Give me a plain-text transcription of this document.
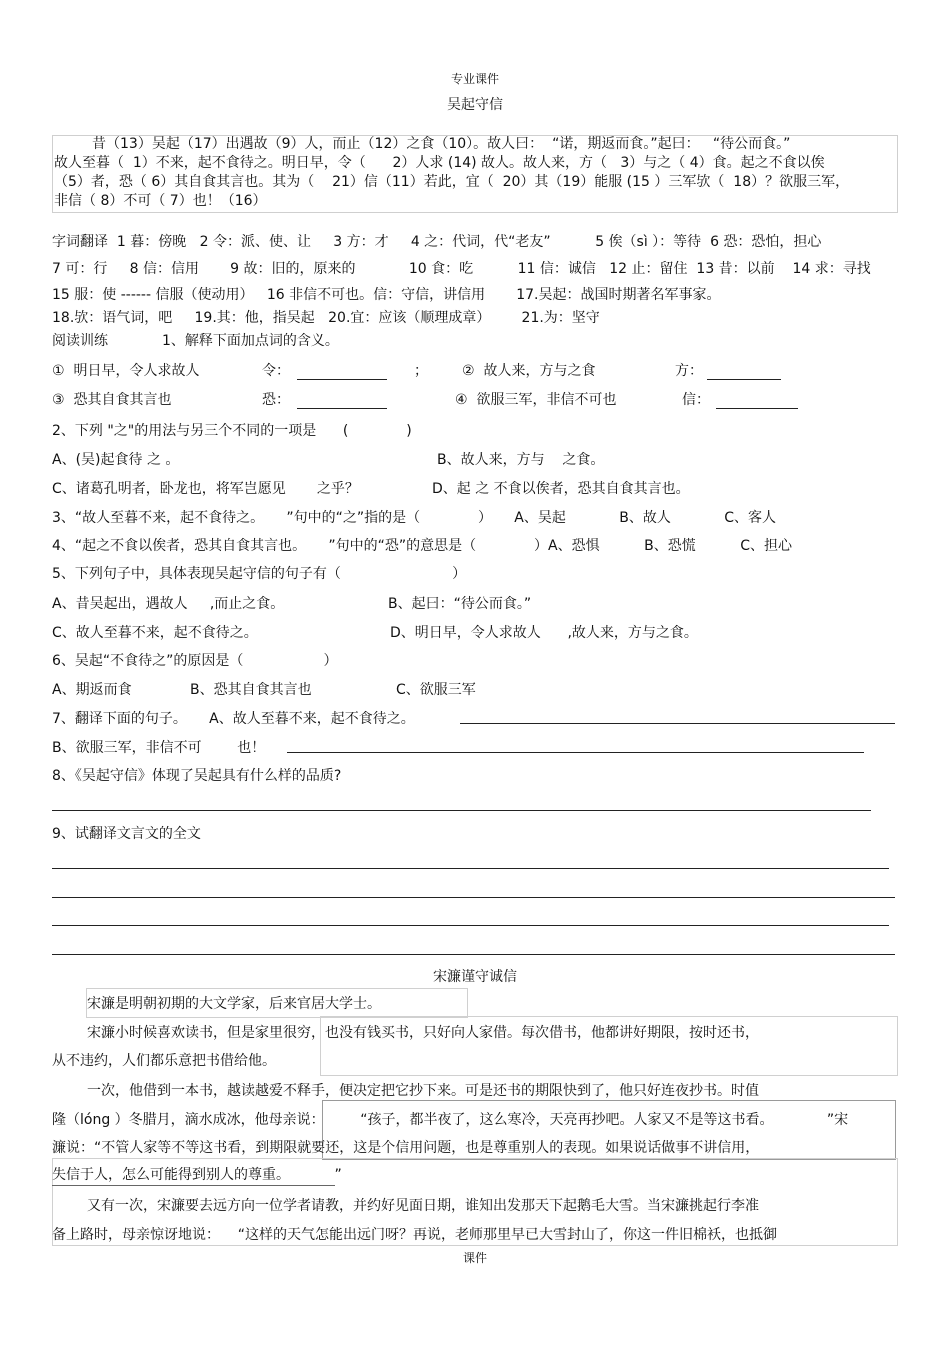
专业课件
吴起守信
昔（13）吴起（17）出遇故（9）人，而止（12）之食（10）。故人曰：  “诺，期返而食。”起曰：   “待公而食。”
故人至暮（  1）不来，起不食待之。明日早，令（      2）人求 (14) 故人。故人来，方（   3）与之（ 4）食。起之不食以俟
（5）者，恐（ 6）其自食其言也。其为（    21）信（11）若此，宜（  20）其（19）能服 (15 ）三军欤（  18）？欲服三军，
非信（ 8）不可（ 7）也！（16）
字词翻译  1 暮：傍晚   2 令：派、使、让     3 方：才     4 之：代词，代“老友”          5 俟（sì ）：等待  6 恐：恐怕，担心
7 可：行     8 信：信用       9 故：旧的，原来的            10 食：吃          11 信：诚信   12 止：留住  13 昔：以前    14 求：寻找
15 服：使 ------ 信服（使动用）   16 非信不可也。信：守信，讲信用       17.吴起：战国时期著名军事家。
18.欤：语气词，吧     19.其：他，指吴起   20.宜：应该（顺理成章）       21.为：坚守
阅读训练	1、解释下面加点词的含义。
①  明日早，令人求故人	令：	； ②  故人来，方与之食	方：
③  恐其自食其言也	恐：	④  欲服三军，非信不可也	信：
2、下列 "之"的用法与另三个不同的一项是      (             )
A、(吴)起食待 之 。	B、故人来，方与    之食。
C、诸葛孔明者，卧龙也，将军岂愿见       之乎？	D、起 之 不食以俟者，恐其自食其言也。
3、“故人至暮不来，起不食待之。     ”句中的“之”指的是（             ）     A、吴起            B、故人            C、客人
4、“起之不食以俟者，恐其自食其言也。     ”句中的“恐”的意思是（             ）A、恐惧          B、恐慌          C、担心
5、下列句子中，具体表现吴起守信的句子有（                         ）
A、昔吴起出，遇故人     ,而止之食。	B、起曰：“待公而食。”
C、故人至暮不来，起不食待之。	D、明日早，令人求故人      ,故人来，方与之食。
6、吴起“不食待之”的原因是（                  ）
A、期返而食	B、恐其自食其言也	C、欲服三军
7、翻译下面的句子。     A、故人至暮不来，起不食待之。
B、欲服三军，非信不可        也！
8、《吴起守信》体现了吴起具有什么样的品质?
9、试翻译文言文的全文
宋濂谨守诚信
宋濂是明朝初期的大文学家，后来官居大学士。
宋濂小时候喜欢读书，但是家里很穷，也没有钱买书，只好向人家借。每次借书，他都讲好期限，按时还书，
从不违约，人们都乐意把书借给他。
一次，他借到一本书，越读越爱不释手，便决定把它抄下来。可是还书的期限快到了，他只好连夜抄书。时值
隆（lóng ）冬腊月，滴水成冰，他母亲说：        “孩子，都半夜了，这么寒冷，天亮再抄吧。人家又不是等这书看。            ”宋
濂说：“不管人家等不等这书看，到期限就要还，这是个信用问题，也是尊重别人的表现。如果说话做事不讲信用，
失信于人，怎么可能得到别人的尊重。          ”
又有一次，宋濂要去远方向一位学者请教，并约好见面日期，谁知出发那天下起鹅毛大雪。当宋濂挑起行李准
备上路时，母亲惊讶地说：    “这样的天气怎能出远门呀？再说，老师那里早已大雪封山了，你这一件旧棉袄，也抵御
课件
